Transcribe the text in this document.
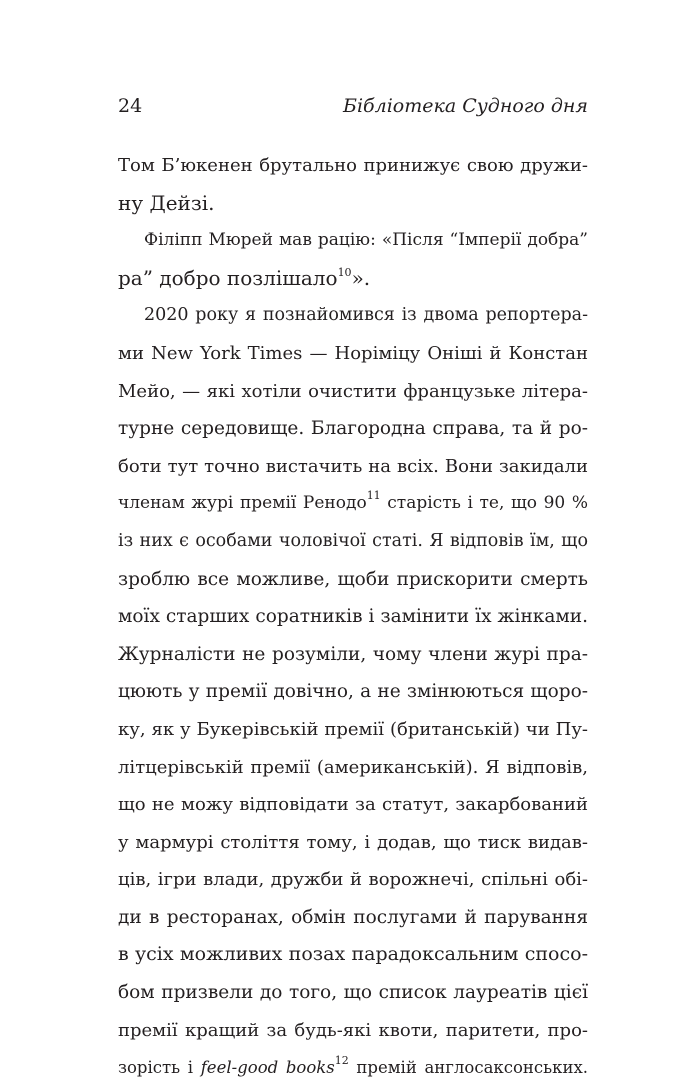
24	Бібліотека Судного дня
Том Б’юкенен брутально принижує свою дружи-
ну Дейзі.
Філіпп Мюрей мав рацію: «Після “Імперії добра”
ра” добро позлішало$^{10}$».
2020 року я познайомився із двома репортера-
ми New York Times — Норіміцу Оніші й Констан
Мейо, — які хотіли очистити французьке літера-
турне середовище. Благородна справа, та й ро-
боти тут точно вистачить на всіх. Вони закидали
членам журі премії Ренодо$^{11}$ старість і те, що 90 %
із них є особами чоловічої статі. Я відповів їм, що
зроблю все можливе, щоби прискорити смерть
моїх старших соратників і замінити їх жінками.
Журналісти не розуміли, чому члени журі пра-
цюють у премії довічно, а не змінюються щоро-
ку, як у Букерівській премії (британській) чи Пу-
літцерівській премії (американській). Я відповів,
що не можу відповідати за статут, закарбований
у мармурі століття тому, і додав, що тиск видав-
ців, ігри влади, дружби й ворожнечі, спільні обі-
ди в ресторанах, обмін послугами й парування
в усіх можливих позах парадоксальним спосо-
бом призвели до того, що список лауреатів цієї
премії кращий за будь-які квоти, паритети, про-
зорість і feel-good books$^{12}$ премій англосаксонських.
